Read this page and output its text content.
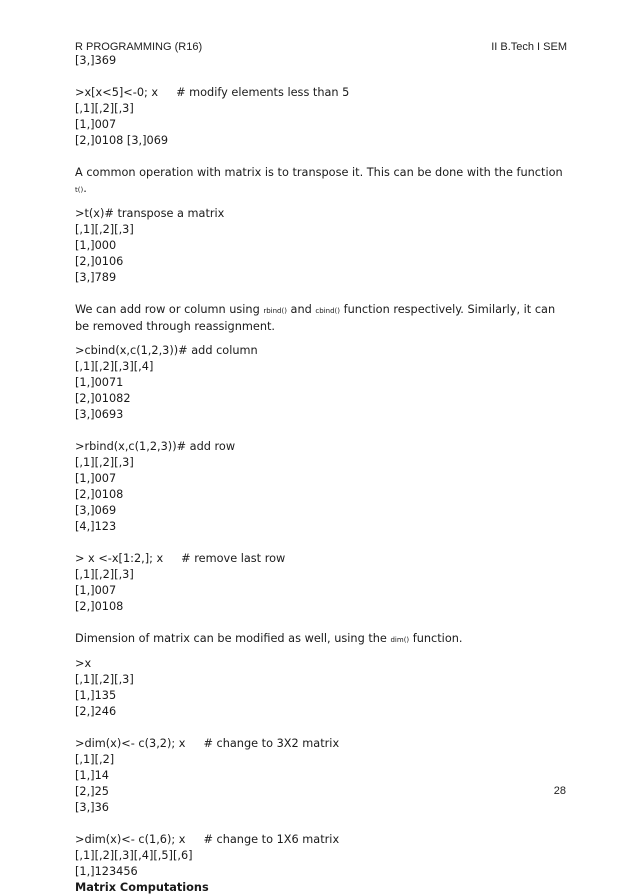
R PROGRAMMING (R16)	II B.Tech I SEM
[3,]369
>x[x<5]<-0; x     # modify elements less than 5
[,1][,2][,3]
[1,]007
[2,]0108 [3,]069
A common operation with matrix is to transpose it. This can be done with the function t().
>t(x)# transpose a matrix
[,1][,2][,3]
[1,]000
[2,]0106
[3,]789
We can add row or column using rbind() and cbind() function respectively. Similarly, it can be removed through reassignment.
>cbind(x,c(1,2,3))# add column
[,1][,2][,3][,4]
[1,]0071
[2,]01082
[3,]0693
>rbind(x,c(1,2,3))# add row
[,1][,2][,3]
[1,]007
[2,]0108
[3,]069
[4,]123
> x <-x[1:2,]; x     # remove last row
[,1][,2][,3]
[1,]007
[2,]0108
Dimension of matrix can be modified as well, using the dim() function.
>x
[,1][,2][,3]
[1,]135
[2,]246
>dim(x)<- c(3,2); x     # change to 3X2 matrix
[,1][,2]
[1,]14
[2,]25
[3,]36
>dim(x)<- c(1,6); x     # change to 1X6 matrix
[,1][,2][,3][,4][,5][,6]
[1,]123456
Matrix Computations
28
